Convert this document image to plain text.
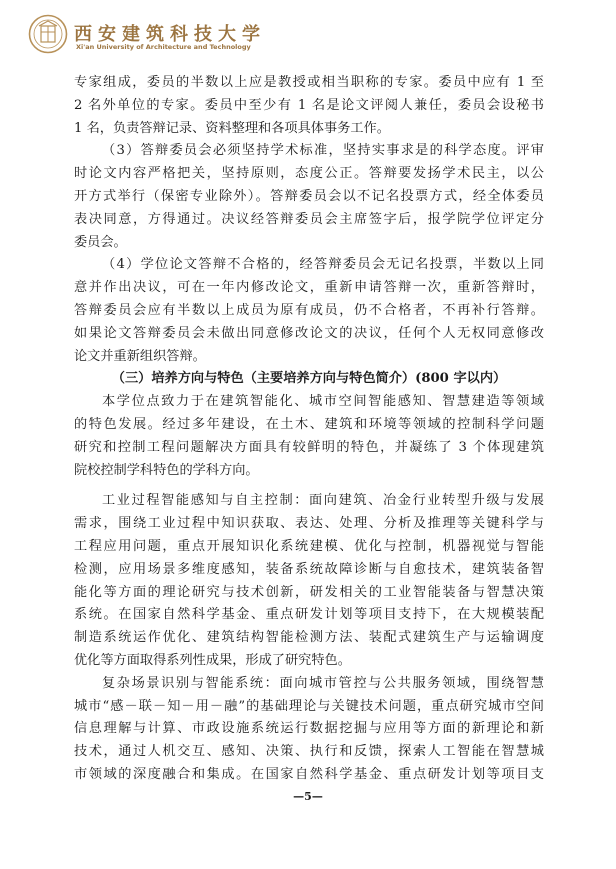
西安建筑科技大学
Xi'an University of Architecture and Technology
专家组成，委员的半数以上应是教授或相当职称的专家。委员中应有 1 至
2 名外单位的专家。委员中至少有 1 名是论文评阅人兼任，委员会设秘书
1 名，负责答辩记录、资料整理和各项具体事务工作。
（3）答辩委员会必须坚持学术标准，坚持实事求是的科学态度。评审
时论文内容严格把关，坚持原则，态度公正。答辩要发扬学术民主，以公
开方式举行（保密专业除外）。答辩委员会以不记名投票方式，经全体委员
表决同意，方得通过。决议经答辩委员会主席签字后，报学院学位评定分
委员会。
（4）学位论文答辩不合格的，经答辩委员会无记名投票，半数以上同
意并作出决议，可在一年内修改论文，重新申请答辩一次，重新答辩时，
答辩委员会应有半数以上成员为原有成员，仍不合格者，不再补行答辩。
如果论文答辩委员会未做出同意修改论文的决议，任何个人无权同意修改
论文并重新组织答辩。
（三）培养方向与特色（主要培养方向与特色简介）(800 字以内）
本学位点致力于在建筑智能化、城市空间智能感知、智慧建造等领域
的特色发展。经过多年建设，在土木、建筑和环境等领域的控制科学问题
研究和控制工程问题解决方面具有较鲜明的特色，并凝练了 3 个体现建筑
院校控制学科特色的学科方向。
工业过程智能感知与自主控制：面向建筑、冶金行业转型升级与发展
需求，围绕工业过程中知识获取、表达、处理、分析及推理等关键科学与
工程应用问题，重点开展知识化系统建模、优化与控制，机器视觉与智能
检测，应用场景多维度感知，装备系统故障诊断与自愈技术，建筑装备智
能化等方面的理论研究与技术创新，研发相关的工业智能装备与智慧决策
系统。在国家自然科学基金、重点研发计划等项目支持下，在大规模装配
制造系统运作优化、建筑结构智能检测方法、装配式建筑生产与运输调度
优化等方面取得系列性成果，形成了研究特色。
复杂场景识别与智能系统：面向城市管控与公共服务领域，围绕智慧
城市“感－联－知－用－融”的基础理论与关键技术问题，重点研究城市空间
信息理解与计算、市政设施系统运行数据挖掘与应用等方面的新理论和新
技术，通过人机交互、感知、决策、执行和反馈，探索人工智能在智慧城
市领域的深度融合和集成。在国家自然科学基金、重点研发计划等项目支
—5—
